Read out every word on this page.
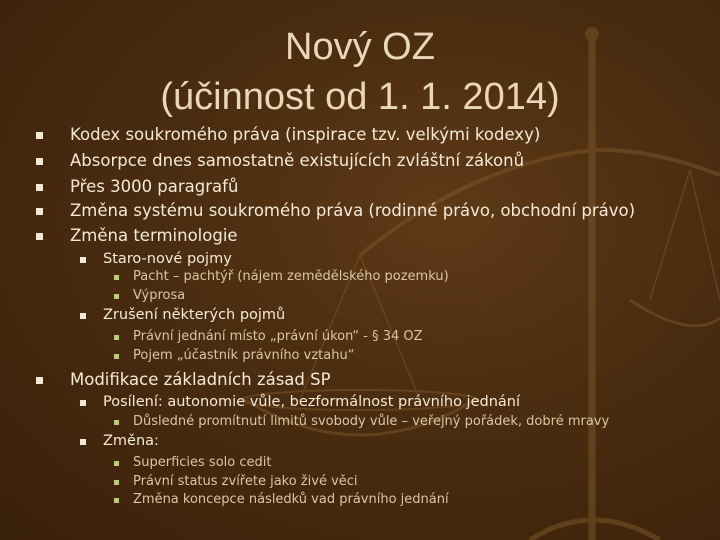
Nový OZ
(účinnost od 1. 1. 2014)
Kodex soukromého práva (inspirace tzv. velkými kodexy)
Absorpce dnes samostatně existujících zvláštní zákonů
Přes 3000 paragrafů
Změna systému soukromého práva (rodinné právo, obchodní právo)
Změna terminologie
Staro-nové pojmy
Pacht – pachtýř (nájem zemědělského pozemku)
Výprosa
Zrušení některých pojmů
Právní jednání místo „právní úkon“ - § 34 OZ
Pojem „účastník právního vztahu“
Modifikace základních zásad SP
Posílení: autonomie vůle, bezformálnost právního jednání
Důsledné promítnutí limitů svobody vůle – veřejný pořádek, dobré mravy
Změna:
Superficies solo cedit
Právní status zvířete jako živé věci
Změna koncepce následků vad právního jednání
